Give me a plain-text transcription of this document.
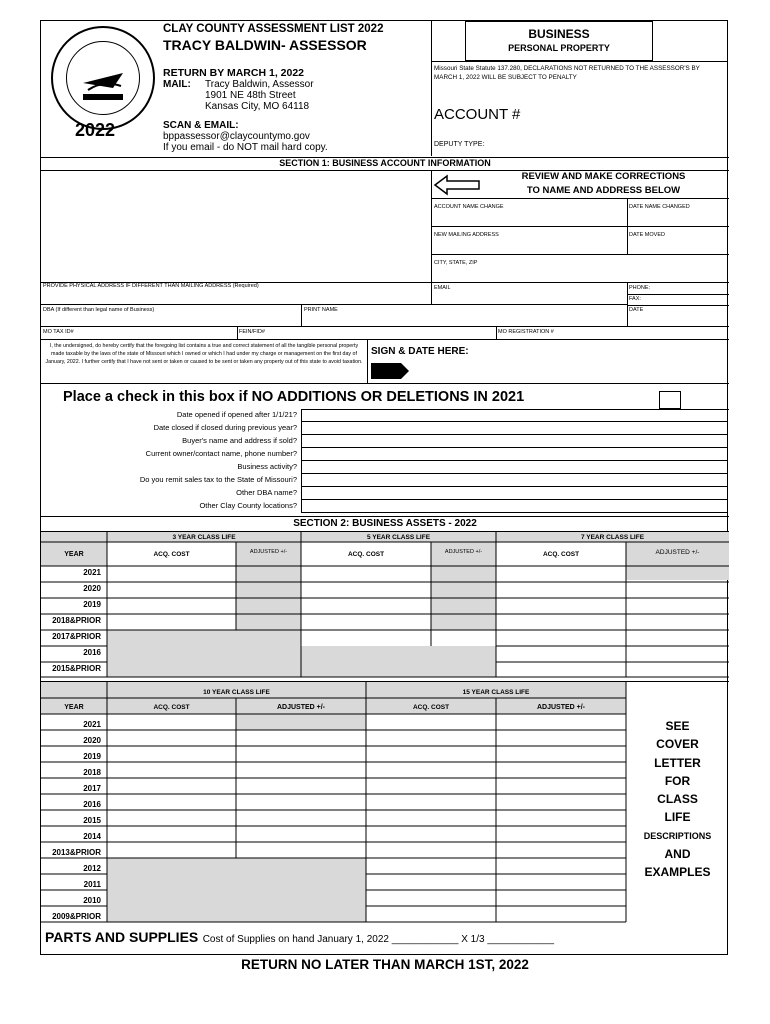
CLAY COUNTY ASSESSMENT LIST 2022
TRACY BALDWIN- ASSESSOR
RETURN BY MARCH 1, 2022
MAIL: Tracy Baldwin, Assessor
1901 NE 48th Street
Kansas City, MO 64118
2022	SCAN & EMAIL:
bppassessor@claycountymo.gov
If you email - do NOT mail hard copy.
BUSINESS
PERSONAL PROPERTY
Missouri State Statute 137.280, DECLARATIONS NOT RETURNED TO THE ASSESSOR'S BY MARCH 1, 2022 WILL BE SUBJECT TO PENALTY
ACCOUNT #
DEPUTY TYPE:
SECTION 1: BUSINESS ACCOUNT INFORMATION
REVIEW AND MAKE CORRECTIONS
TO NAME AND ADDRESS BELOW
ACCOUNT NAME CHANGE	DATE NAME CHANGED
NEW MAILING ADDRESS	DATE MOVED
CITY, STATE, ZIP
PROVIDE PHYSICAL ADDRESS IF DIFFERENT THAN MAILING ADDRESS (Required)	EMAIL	PHONE:
FAX:
DBA (If different than legal name of Business)	PRINT NAME	DATE
MO TAX ID#	FEIN/FID#	MO REGISTRATION #
I, the undersigned, do hereby certify that the foregoing list contains a true and correct statement of all the tangible personal property made taxable by the laws of the state of Missouri which I owned or which I had under my charge or management on the first day of January, 2022. I further certify that I have not sent or taken or caused to be sent or taken any property out of this state to avoid taxation.
SIGN & DATE HERE:
Place a check in this box if NO ADDITIONS OR DELETIONS IN 2021
Date opened if opened after 1/1/21?
Date closed if closed during previous year?
Buyer's name and address if sold?
Current owner/contact name, phone number?
Business activity?
Do you remit sales tax to the State of Missouri?
Other DBA name?
Other Clay County locations?
SECTION 2: BUSINESS ASSETS - 2022
3 YEAR CLASS LIFE	5 YEAR CLASS LIFE	7 YEAR CLASS LIFE
YEAR	ACQ. COST	ADJUSTED +/-	ACQ. COST	ADJUSTED +/-	ACQ. COST	ADJUSTED +/-
2021
2020
2019
2018&PRIOR
2017&PRIOR
2016
2015&PRIOR
10 YEAR CLASS LIFE	15 YEAR CLASS LIFE
YEAR	ACQ. COST	ADJUSTED +/-	ACQ. COST	ADJUSTED +/-
2021
2020
2019
2018
2017
2016
2015
2014
2013&PRIOR
2012
2011
2010
2009&PRIOR
SEE
COVER
LETTER
FOR
CLASS
LIFE
DESCRIPTIONS
AND
EXAMPLES
PARTS AND SUPPLIES Cost of Supplies on hand January 1, 2022 ____________ X 1/3 ____________
RETURN NO LATER THAN MARCH 1ST, 2022
